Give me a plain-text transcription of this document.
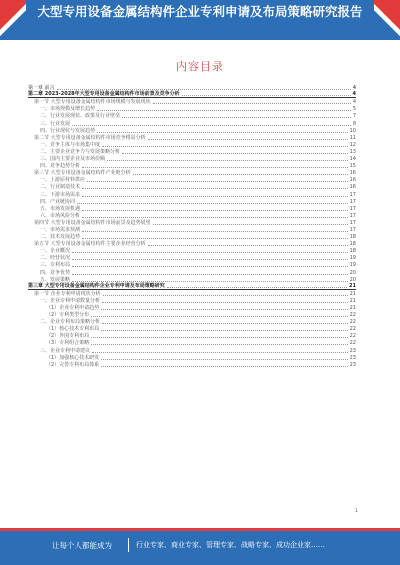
大型专用设备金属结构件企业专利申请及布局策略研究报告
内容目录
第一章 前言	4
第二章 2023-2028年大型专用设备金属结构件市场前景及竞争分析	4
第一节 大型专用设备金属结构件市场规模与发展现状	4
一、市场规模及增长趋势	5
二、行业发展现状、政策及行业壁垒	7
三、行业发展	8
四、行业现状与发展趋势	10
第二节 大型专用设备金属结构件市场竞争格局分析	11
一、竞争主体与市场集中度	12
二、主要企业竞争力与发展策略分析	13
三、国内主要企业及市场份额	14
四、竞争趋势分析	15
第三节 大型专用设备金属结构件产业链分析	16
一、上游原材料供应	16
二、行业制造技术	16
三、下游市场需求	17
四、产业链协同	17
五、市场发展机遇	17
六、市场风险分析	17
第四节 大型专用设备金属结构件市场前景及趋势展望	17
一、市场需求预测	17
二、技术发展趋势	18
第五节 大型专用设备金属结构件主要企业经营分析	18
一、企业概况	18
二、经营状况	19
三、专利布局	19
四、竞争优势	20
五、发展策略	20
第三章 大型专用设备金属结构件企业专利申请及布局策略研究	21
第一节 企业专利申请现状分析	21
一、企业专利申请数量分析	21
（1）企业专利申请趋势	21
（2）专利类型分布	22
二、企业专利布局策略分析	22
（1）核心技术专利布局	22
（2）外围专利布局	22
（3）专利组合策略	22
三、企业专利申请建议	23
（1）加强核心技术研发	23
（2）完善专利布局体系	23
1
让每个人都能成为	行业专家、商业专家、管理专家、战略专家、成功企业家……
